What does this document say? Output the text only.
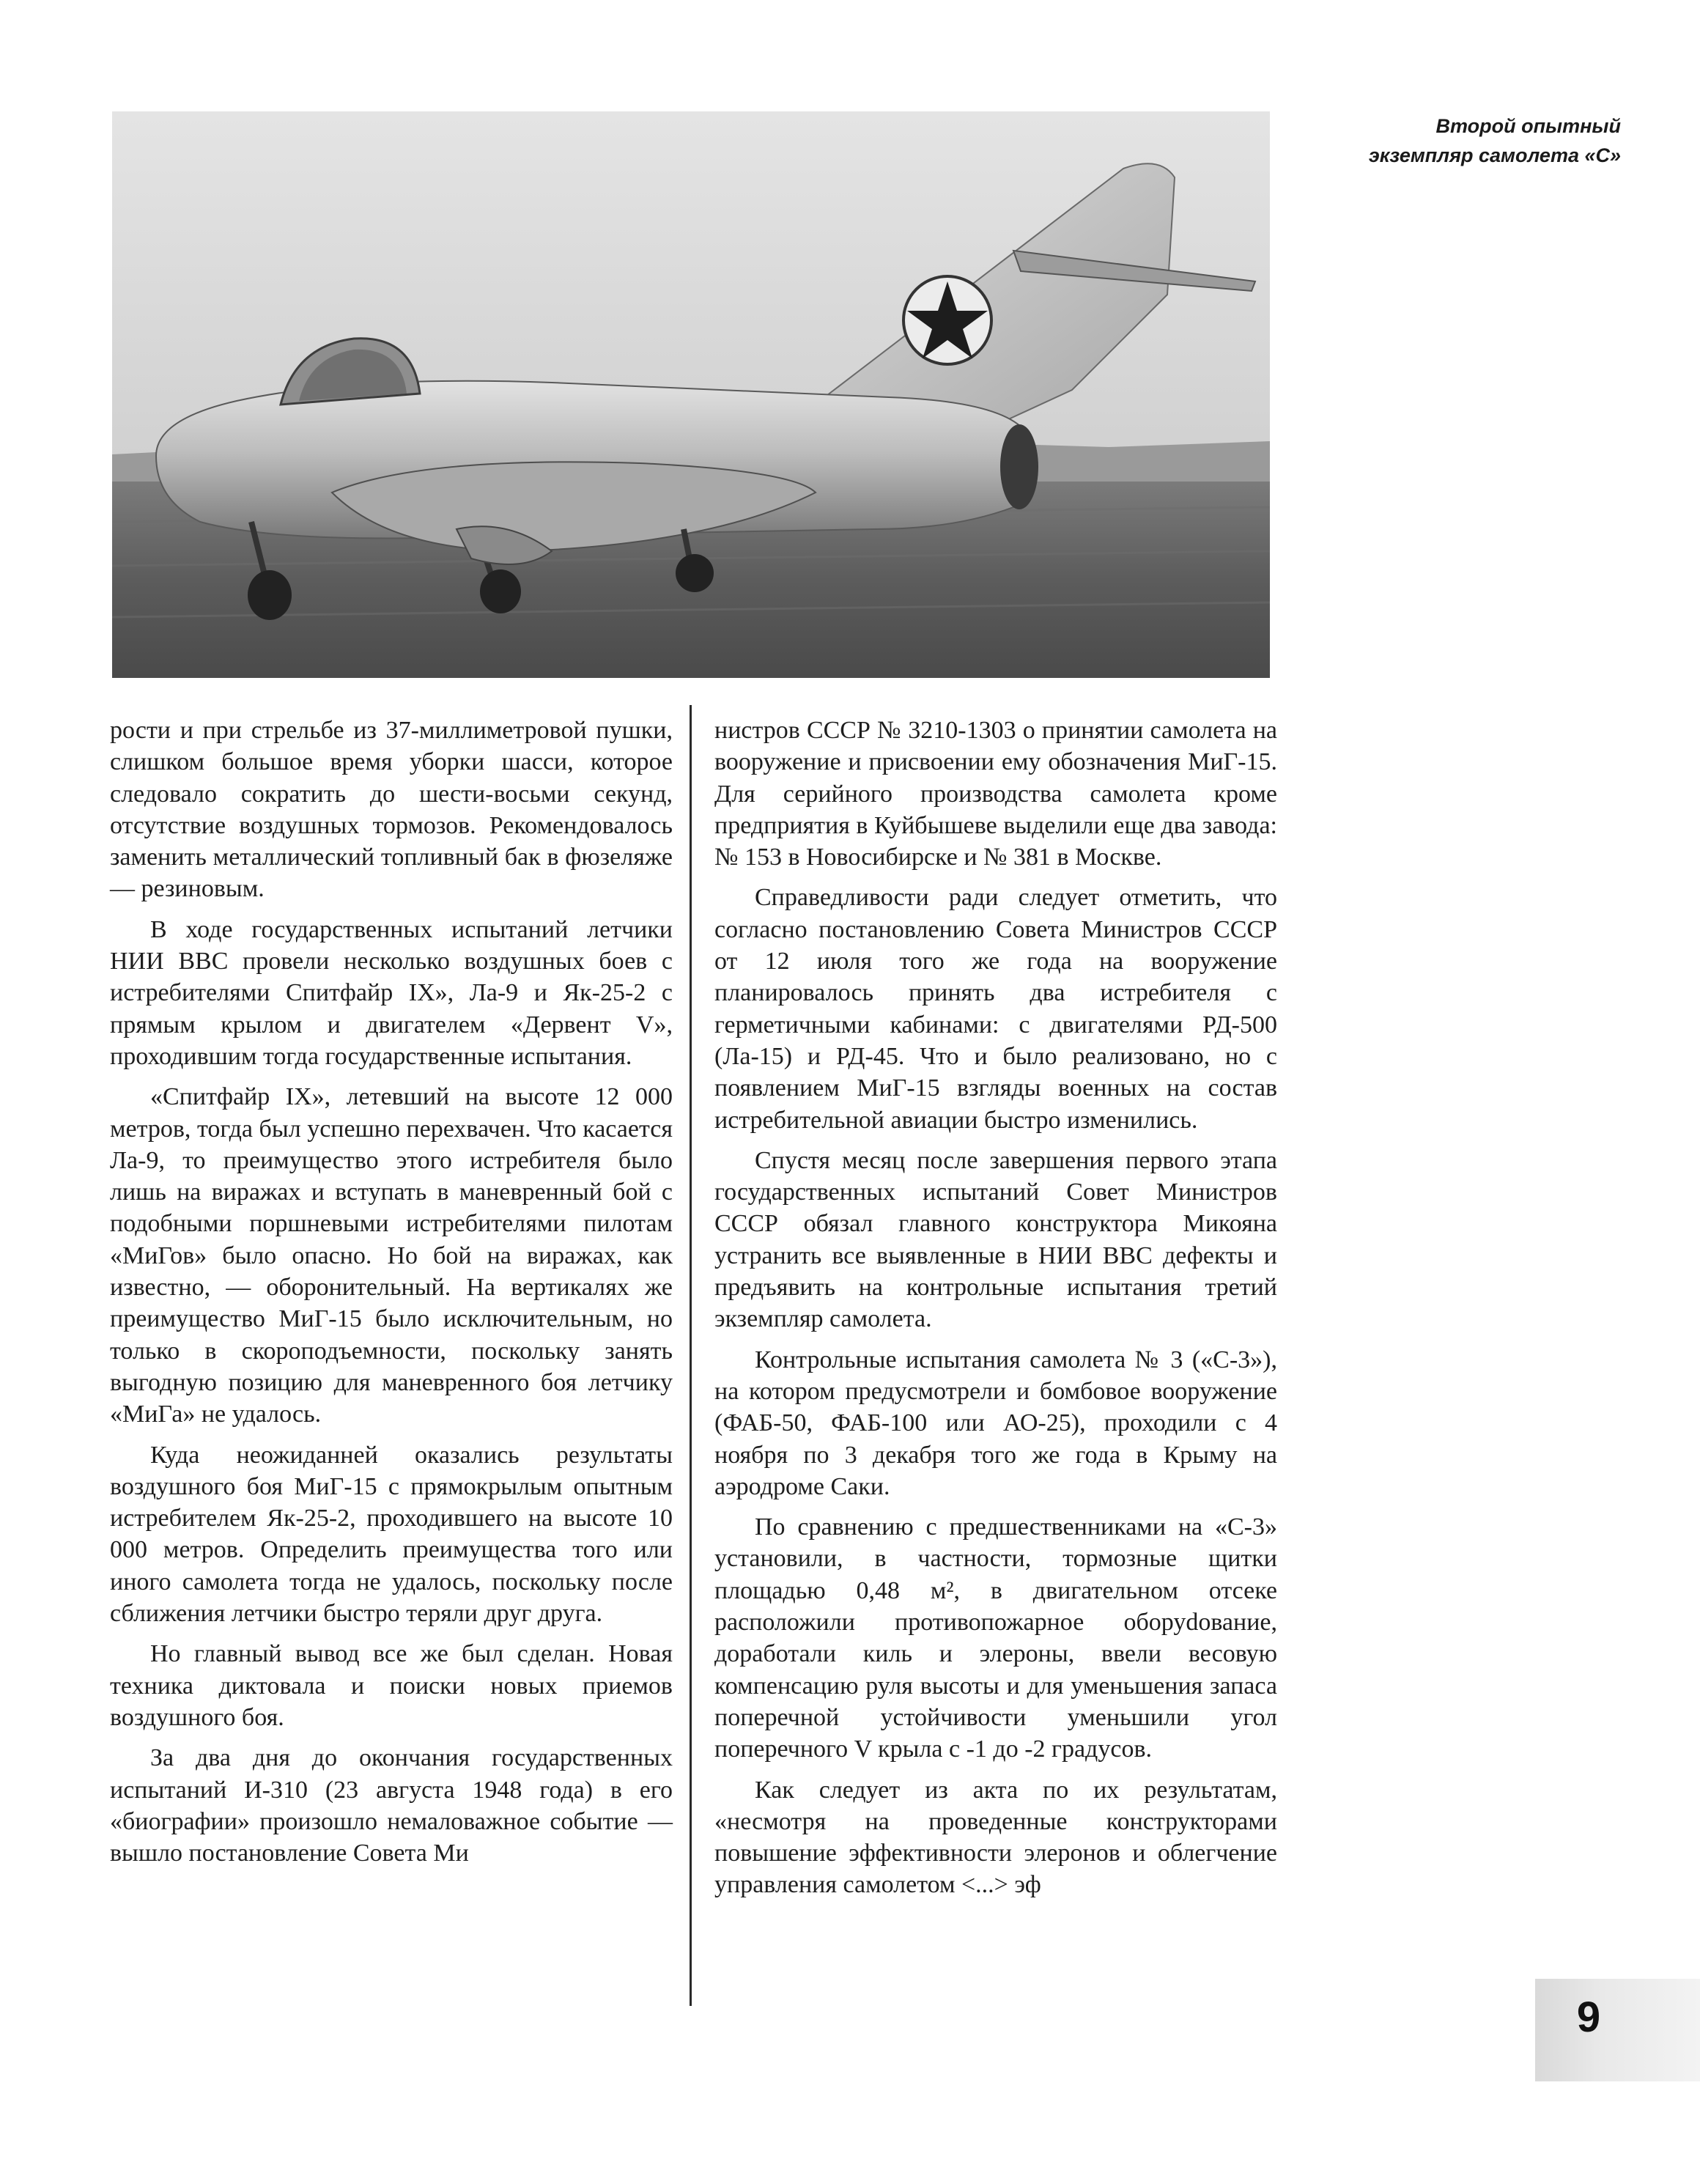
Второй опытный
экземпляр самолета «С»

рости и при стрельбе из 37-миллиметровой пушки, слишком большое время уборки шасси, которое следовало сократить до шести-восьми секунд, отсутствие воздушных тормозов. Рекомендовалось заменить металлический топливный бак в фюзеляже — резиновым.

В ходе государственных испытаний летчики НИИ ВВС провели несколько воздушных боев с истребителями Спитфайр IX», Ла-9 и Як-25-2 с прямым крылом и двигателем «Дервент V», проходившим тогда государственные испытания.

«Спитфайр IX», летевший на высоте 12 000 метров, тогда был успешно перехвачен. Что касается Ла-9, то преимущество этого истребителя было лишь на виражах и вступать в маневренный бой с подобными поршневыми истребителями пилотам «МиГов» было опасно. Но бой на виражах, как известно, — оборонительный. На вертикалях же преимущество МиГ-15 было исключительным, но только в скороподъемности, поскольку занять выгодную позицию для маневренного боя летчику «МиГа» не удалось.

Куда неожиданней оказались результаты воздушного боя МиГ-15 с прямокрылым опытным истребителем Як-25-2, проходившего на высоте 10 000 метров. Определить преимущества того или иного самолета тогда не удалось, поскольку после сближения летчики быстро теряли друг друга.

Но главный вывод все же был сделан. Новая техника диктовала и поиски новых приемов воздушного боя.

За два дня до окончания государственных испытаний И-310 (23 августа 1948 года) в его «биографии» произошло немаловажное событие — вышло постановление Совета Ми

нистров СССР № 3210-1303 о принятии самолета на вооружение и присвоении ему обозначения МиГ-15. Для серийного производства самолета кроме предприятия в Куйбышеве выделили еще два завода: № 153 в Новосибирске и № 381 в Москве.

Справедливости ради следует отметить, что согласно постановлению Совета Министров СССР от 12 июля того же года на вооружение планировалось принять два истребителя с герметичными кабинами: с двигателями РД-500 (Ла-15) и РД-45. Что и было реализовано, но с появлением МиГ-15 взгляды военных на состав истребительной авиации быстро изменились.

Спустя месяц после завершения первого этапа государственных испытаний Совет Министров СССР обязал главного конструктора Микояна устранить все выявленные в НИИ ВВС дефекты и предъявить на контрольные испытания третий экземпляр самолета.

Контрольные испытания самолета № 3 («С-3»), на котором предусмотрели и бомбовое вооружение (ФАБ-50, ФАБ-100 или АО-25), проходили с 4 ноября по 3 декабря того же года в Крыму на аэродроме Саки.

По сравнению с предшественниками на «С-3» установили, в частности, тормозные щитки площадью 0,48 м², в двигательном отсеке расположили противопожарное оборуdование, доработали киль и элероны, ввели весовую компенсацию руля высоты и для уменьшения запаса поперечной устойчивости уменьшили угол поперечного V крыла с -1 до -2 градусов.

Как следует из акта по их результатам, «несмотря на проведенные конструкторами повышение эффективности элеронов и облегчение управления самолетом <...> эф

9
